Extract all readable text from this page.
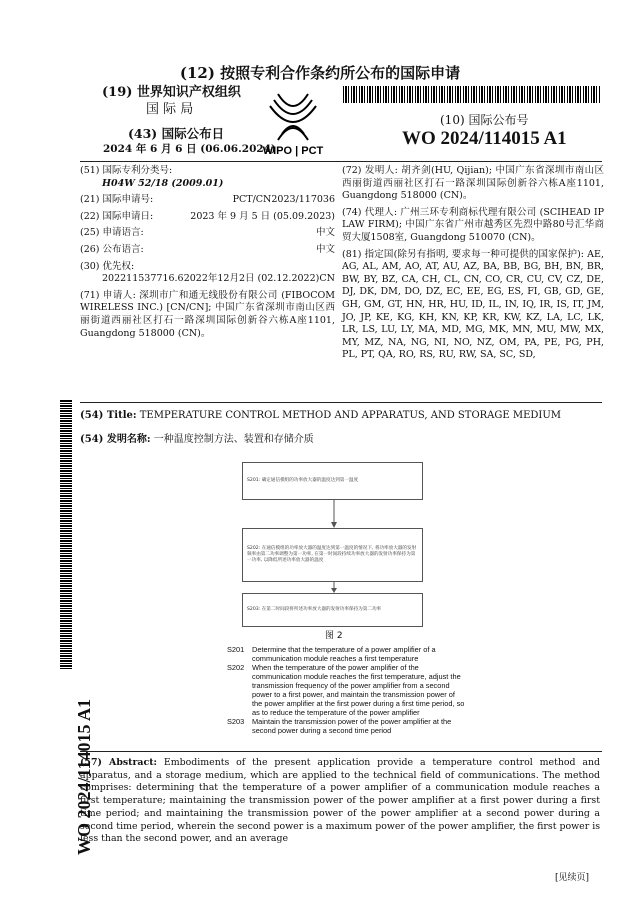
(12) 按照专利合作条约所公布的国际申请
(19) 世界知识产权组织
国 际 局
(43) 国际公布日
2024 年 6 月 6 日 (06.06.2024)
WIPO | PCT
(10) 国际公布号
WO 2024/114015 A1
(51) 国际专利分类号:
H04W 52/18 (2009.01)
(21) 国际申请号:	PCT/CN2023/117036
(22) 国际申请日:	2023 年 9 月 5 日 (05.09.2023)
(25) 申请语言:	中文
(26) 公布语言:	中文
(30) 优先权:
202211537716.6 2022年12月2日 (02.12.2022) CN
(71) 申请人: 深圳市广和通无线股份有限公司 (FIBOCOM WIRELESS INC.) [CN/CN]; 中国广东省深圳市南山区西丽街道西丽社区打石一路深圳国际创新谷六栋A座1101, Guangdong 518000 (CN)。
(72) 发明人: 胡齐剑(HU, Qijian); 中国广东省深圳市南山区西丽街道西丽社区打石一路深圳国际创新谷六栋A座1101, Guangdong 518000 (CN)。
(74) 代理人: 广州三环专利商标代理有限公司 (SCIHEAD IP LAW FIRM); 中国广东省广州市越秀区先烈中路80号汇华商贸大厦1508室, Guangdong 510070 (CN)。
(81) 指定国(除另有指明, 要求每一种可提供的国家保护): AE, AG, AL, AM, AO, AT, AU, AZ, BA, BB, BG, BH, BN, BR, BW, BY, BZ, CA, CH, CL, CN, CO, CR, CU, CV, CZ, DE, DJ, DK, DM, DO, DZ, EC, EE, EG, ES, FI, GB, GD, GE, GH, GM, GT, HN, HR, HU, ID, IL, IN, IQ, IR, IS, IT, JM, JO, JP, KE, KG, KH, KN, KP, KR, KW, KZ, LA, LC, LK, LR, LS, LU, LY, MA, MD, MG, MK, MN, MU, MW, MX, MY, MZ, NA, NG, NI, NO, NZ, OM, PA, PE, PG, PH, PL, PT, QA, RO, RS, RU, RW, SA, SC, SD,
WO 2024/114015 A1
(54) Title: TEMPERATURE CONTROL METHOD AND APPARATUS, AND STORAGE MEDIUM
(54) 发明名称: 一种温度控制方法、装置和存储介质
S201: 确定通信模组的功率放大器的温度达到第一温度
S202: 在通信模组的功率放大器的温度达到第一温度的情况下, 将功率放大器的发射频率由第二功率调整为第一功率, 在第一时间段持续功率放大器的发射功率保持为第一功率, 以降低所述功率放大器的温度
S203: 在第二时间段将所述功率放大器的发射功率保持为第二功率
图 2
S201	Determine that the temperature of a power amplifier of a communication module reaches a first temperature
S202	When the temperature of the power amplifier of the communication module reaches the first temperature, adjust the transmission frequency of the power amplifier from a second power to a first power, and maintain the transmission power of the power amplifier at the first power during a first time period, so as to reduce the temperature of the power amplifier
S203	Maintain the transmission power of the power amplifier at the second power during a second time period
(57) Abstract: Embodiments of the present application provide a temperature control method and apparatus, and a storage medium, which are applied to the technical field of communications. The method comprises: determining that the temperature of a power amplifier of a communication module reaches a first temperature; maintaining the transmission power of the power amplifier at a first power during a first time period; and maintaining the transmission power of the power amplifier at a second power during a second time period, wherein the second power is a maximum power of the power amplifier, the first power is less than the second power, and an average
[见续页]
